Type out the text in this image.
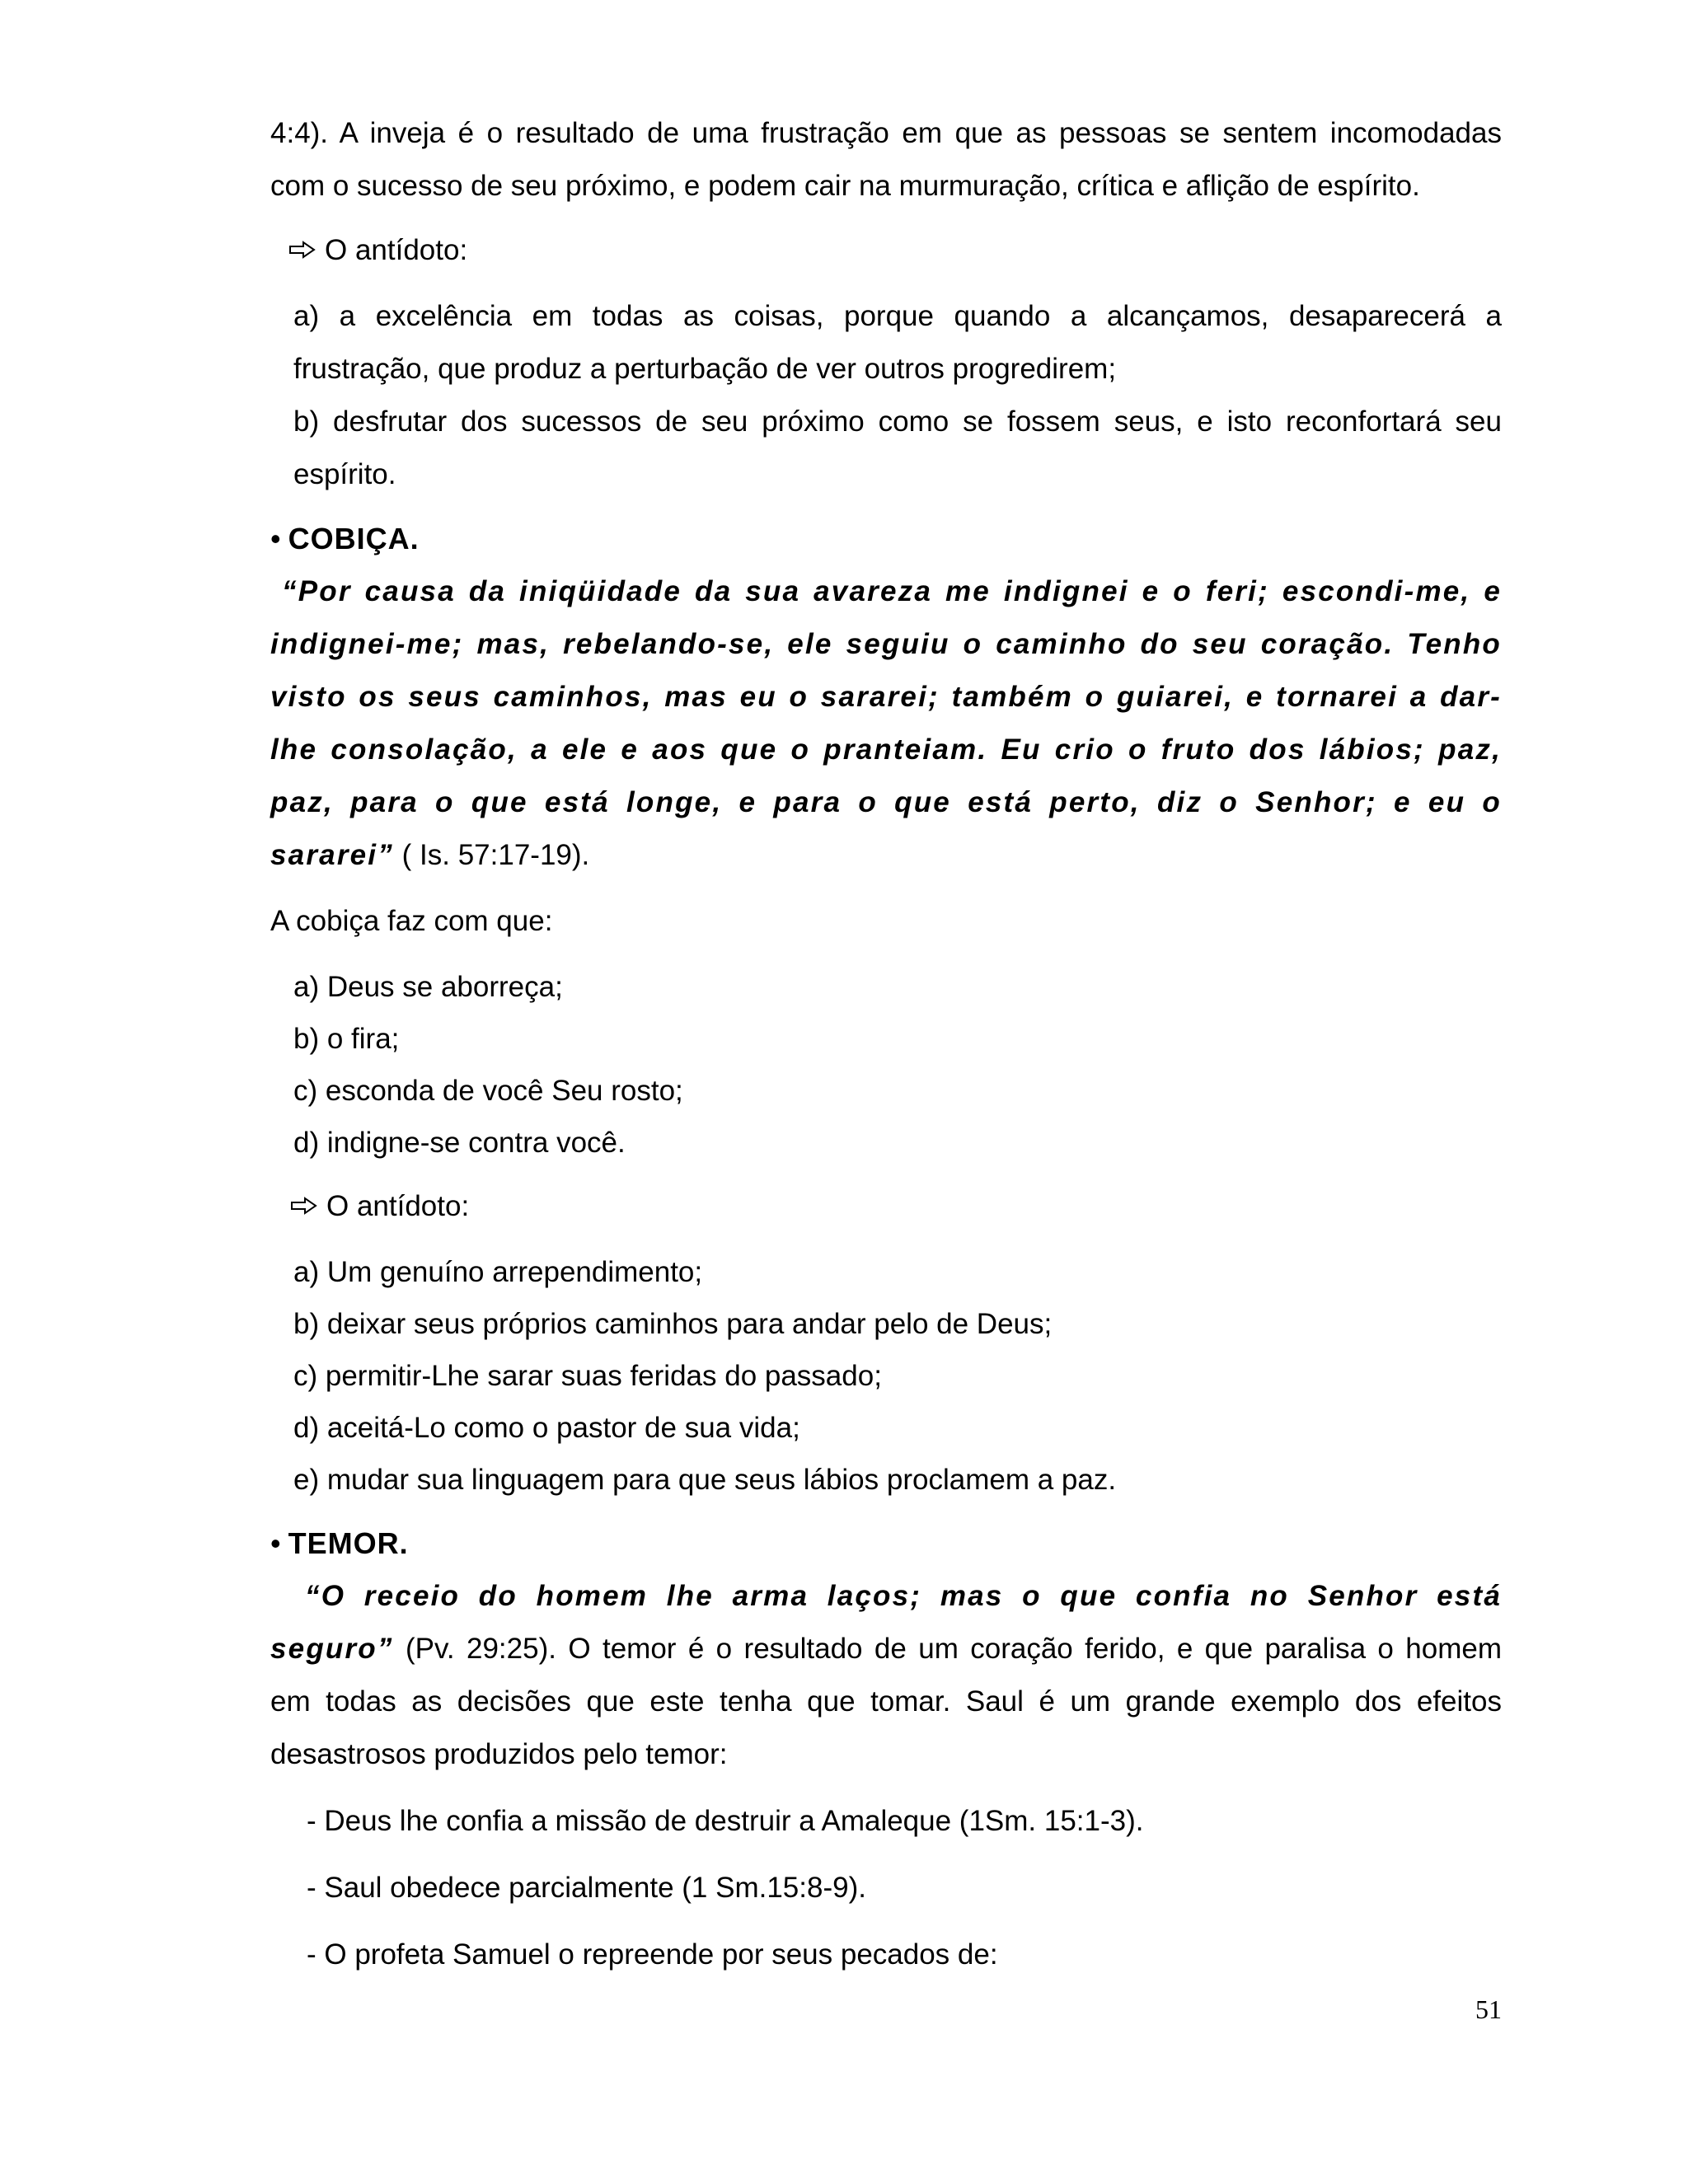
4:4). A inveja é o resultado de uma frustração em que as pessoas se sentem incomodadas

com o sucesso de seu próximo, e podem cair na murmuração, crítica e aflição de espírito.

O antídoto:

a) a excelência em todas as coisas, porque quando a alcançamos, desaparecerá a

frustração, que produz a perturbação de ver outros progredirem;

b) desfrutar dos sucessos de seu próximo como se fossem seus, e isto reconfortará seu

espírito.

• COBIÇA.

“Por causa da iniqüidade da sua avareza me indignei e o feri; escondi-me, e

indignei-me; mas, rebelando-se, ele seguiu o caminho do seu coração. Tenho

visto os seus caminhos, mas eu o sararei; também o guiarei, e tornarei a dar-

lhe consolação, a ele e aos que o pranteiam. Eu crio o fruto dos lábios; paz,

paz, para o que está longe, e para o que está perto, diz o Senhor; e eu o

sararei” ( Is. 57:17-19).

A cobiça faz com que:

a) Deus se aborreça;
b) o fira;
c) esconda de você Seu rosto;
d) indigne-se contra você.
O antídoto:
a) Um genuíno arrependimento;
b) deixar seus próprios caminhos para andar pelo de Deus;
c) permitir-Lhe sarar suas feridas do passado;
d) aceitá-Lo como o pastor de sua vida;
e) mudar sua linguagem para que seus lábios proclamem a paz.
• TEMOR.

“O receio do homem lhe arma laços; mas o que confia no Senhor está

seguro” (Pv. 29:25). O temor é o resultado de um coração ferido, e que paralisa o homem

em todas as decisões que este tenha que tomar. Saul é um grande exemplo dos efeitos

desastrosos produzidos pelo temor:

- Deus lhe confia a missão de destruir a Amaleque (1Sm. 15:1-3).

- Saul obedece parcialmente (1 Sm.15:8-9).

- O profeta Samuel o repreende por seus pecados de:

51
